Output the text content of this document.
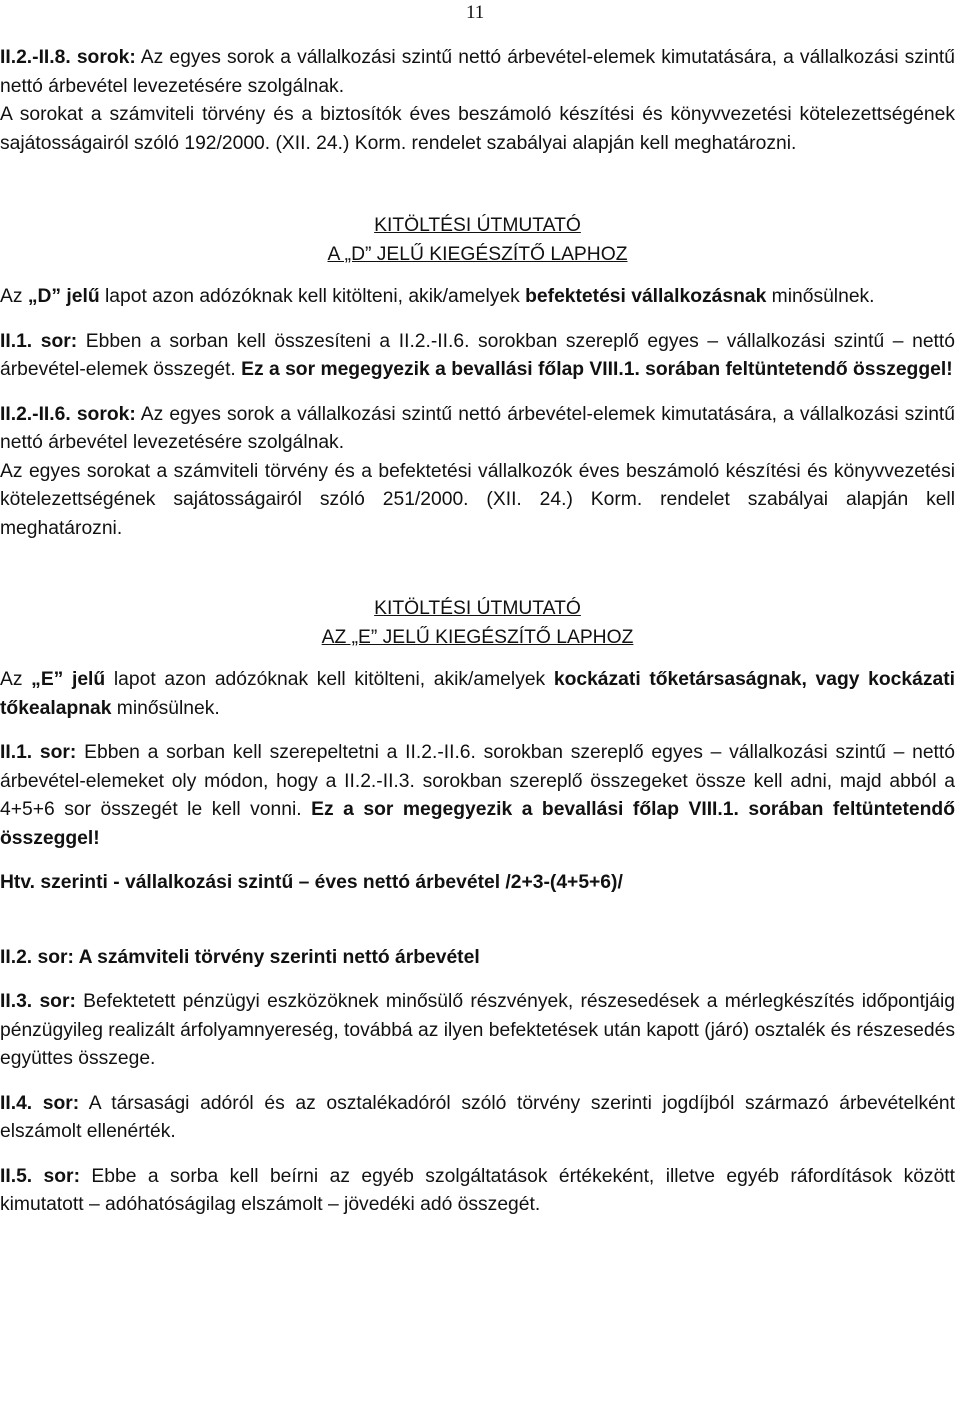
11

II.2.-II.8. sorok: Az egyes sorok a vállalkozási szintű nettó árbevétel-elemek kimutatására, a vállalkozási szintű nettó árbevétel levezetésére szolgálnak.

A sorokat a számviteli törvény és a biztosítók éves beszámoló készítési és könyvvezetési kötelezettségének sajátosságairól szóló 192/2000. (XII. 24.) Korm. rendelet szabályai alapján kell meghatározni.

KITÖLTÉSI ÚTMUTATÓ
A „D” JELŰ KIEGÉSZÍTŐ LAPHOZ

Az „D” jelű lapot azon adózóknak kell kitölteni, akik/amelyek befektetési vállalkozásnak minősülnek.

II.1. sor: Ebben a sorban kell összesíteni a II.2.-II.6. sorokban szereplő egyes – vállalkozási szintű – nettó árbevétel-elemek összegét. Ez a sor megegyezik a bevallási főlap VIII.1. sorában feltüntetendő összeggel!

II.2.-II.6. sorok: Az egyes sorok a vállalkozási szintű nettó árbevétel-elemek kimutatására, a vállalkozási szintű nettó árbevétel levezetésére szolgálnak.

Az egyes sorokat a számviteli törvény és a befektetési vállalkozók éves beszámoló készítési és könyvvezetési kötelezettségének sajátosságairól szóló 251/2000. (XII. 24.) Korm. rendelet szabályai alapján kell meghatározni.

KITÖLTÉSI ÚTMUTATÓ
AZ „E” JELŰ KIEGÉSZÍTŐ LAPHOZ

Az „E” jelű lapot azon adózóknak kell kitölteni, akik/amelyek kockázati tőketársaságnak, vagy kockázati tőkealapnak minősülnek.

II.1. sor: Ebben a sorban kell szerepeltetni a II.2.-II.6. sorokban szereplő egyes – vállalkozási szintű – nettó árbevétel-elemeket oly módon, hogy a II.2.-II.3. sorokban szereplő összegeket össze kell adni, majd abból a 4+5+6 sor összegét le kell vonni. Ez a sor megegyezik a bevallási főlap VIII.1. sorában feltüntetendő összeggel!

Htv. szerinti - vállalkozási szintű – éves nettó árbevétel /2+3-(4+5+6)/

II.2. sor: A számviteli törvény szerinti nettó árbevétel

II.3. sor: Befektetett pénzügyi eszközöknek minősülő részvények, részesedések a mérlegkészítés időpontjáig pénzügyileg realizált árfolyamnyereség, továbbá az ilyen befektetések után kapott (járó) osztalék és részesedés együttes összege.

II.4. sor: A társasági adóról és az osztalékadóról szóló törvény szerinti jogdíjból származó árbevételként elszámolt ellenérték.

II.5. sor: Ebbe a sorba kell beírni az egyéb szolgáltatások értékeként, illetve egyéb ráfordítások között kimutatott – adóhatóságilag elszámolt – jövedéki adó összegét.
